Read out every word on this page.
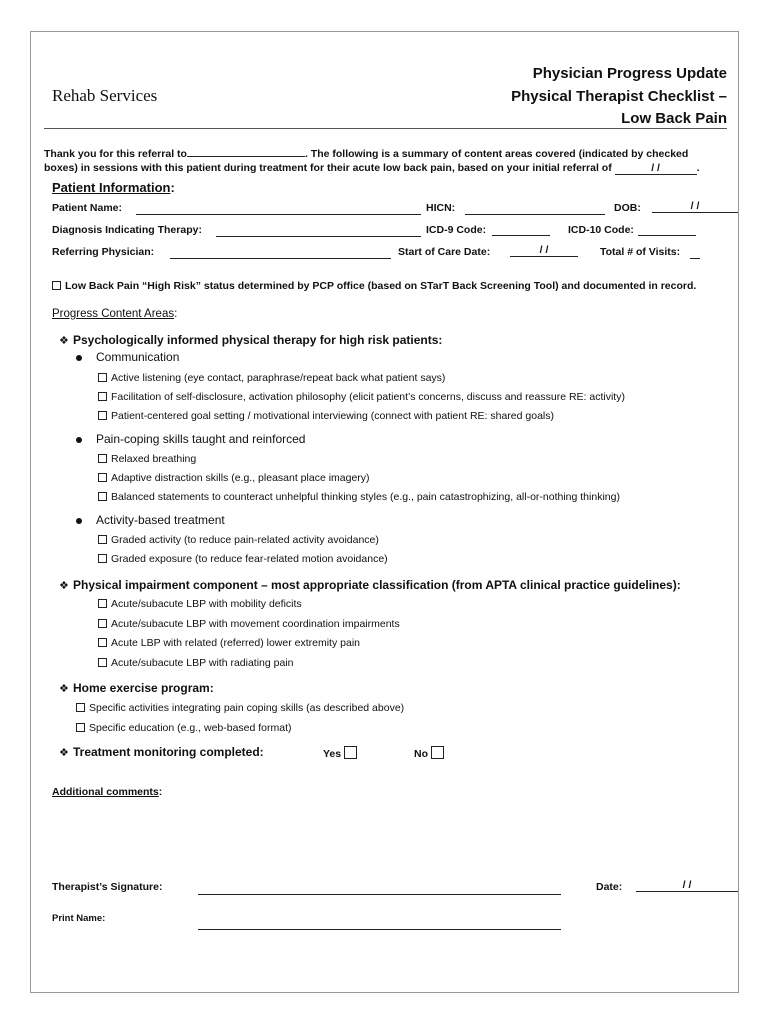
Rehab Services
Physician Progress Update
Physical Therapist Checklist –
Low Back Pain
Thank you for this referral to	. The following is a summary of content areas covered (indicated by checked
boxes) in sessions with this patient during treatment for their acute low back pain, based on your initial referral of	/ /	.
Patient Information:
Patient Name:	HICN:	DOB:	/ /
Diagnosis Indicating Therapy:	ICD-9 Code:	ICD-10 Code:
Referring Physician:	Start of Care Date:	/ /	Total # of Visits:
Low Back Pain “High Risk” status determined by PCP office (based on STarT Back Screening Tool) and documented in record.
Progress Content Areas:
❖ Psychologically informed physical therapy for high risk patients:
Communication
Active listening (eye contact, paraphrase/repeat back what patient says)
Facilitation of self-disclosure, activation philosophy (elicit patient’s concerns, discuss and reassure RE: activity)
Patient-centered goal setting / motivational interviewing (connect with patient RE: shared goals)
Pain-coping skills taught and reinforced
Relaxed breathing
Adaptive distraction skills (e.g., pleasant place imagery)
Balanced statements to counteract unhelpful thinking styles (e.g., pain catastrophizing, all-or-nothing thinking)
Activity-based treatment
Graded activity (to reduce pain-related activity avoidance)
Graded exposure (to reduce fear-related motion avoidance)
❖ Physical impairment component – most appropriate classification (from APTA clinical practice guidelines):
Acute/subacute LBP with mobility deficits
Acute/subacute LBP with movement coordination impairments
Acute LBP with related (referred) lower extremity pain
Acute/subacute LBP with radiating pain
❖ Home exercise program:
Specific activities integrating pain coping skills (as described above)
Specific education (e.g., web-based format)
❖ Treatment monitoring completed:	Yes	No
Additional comments:
Therapist’s Signature:	Date:	/ /
Print Name:
